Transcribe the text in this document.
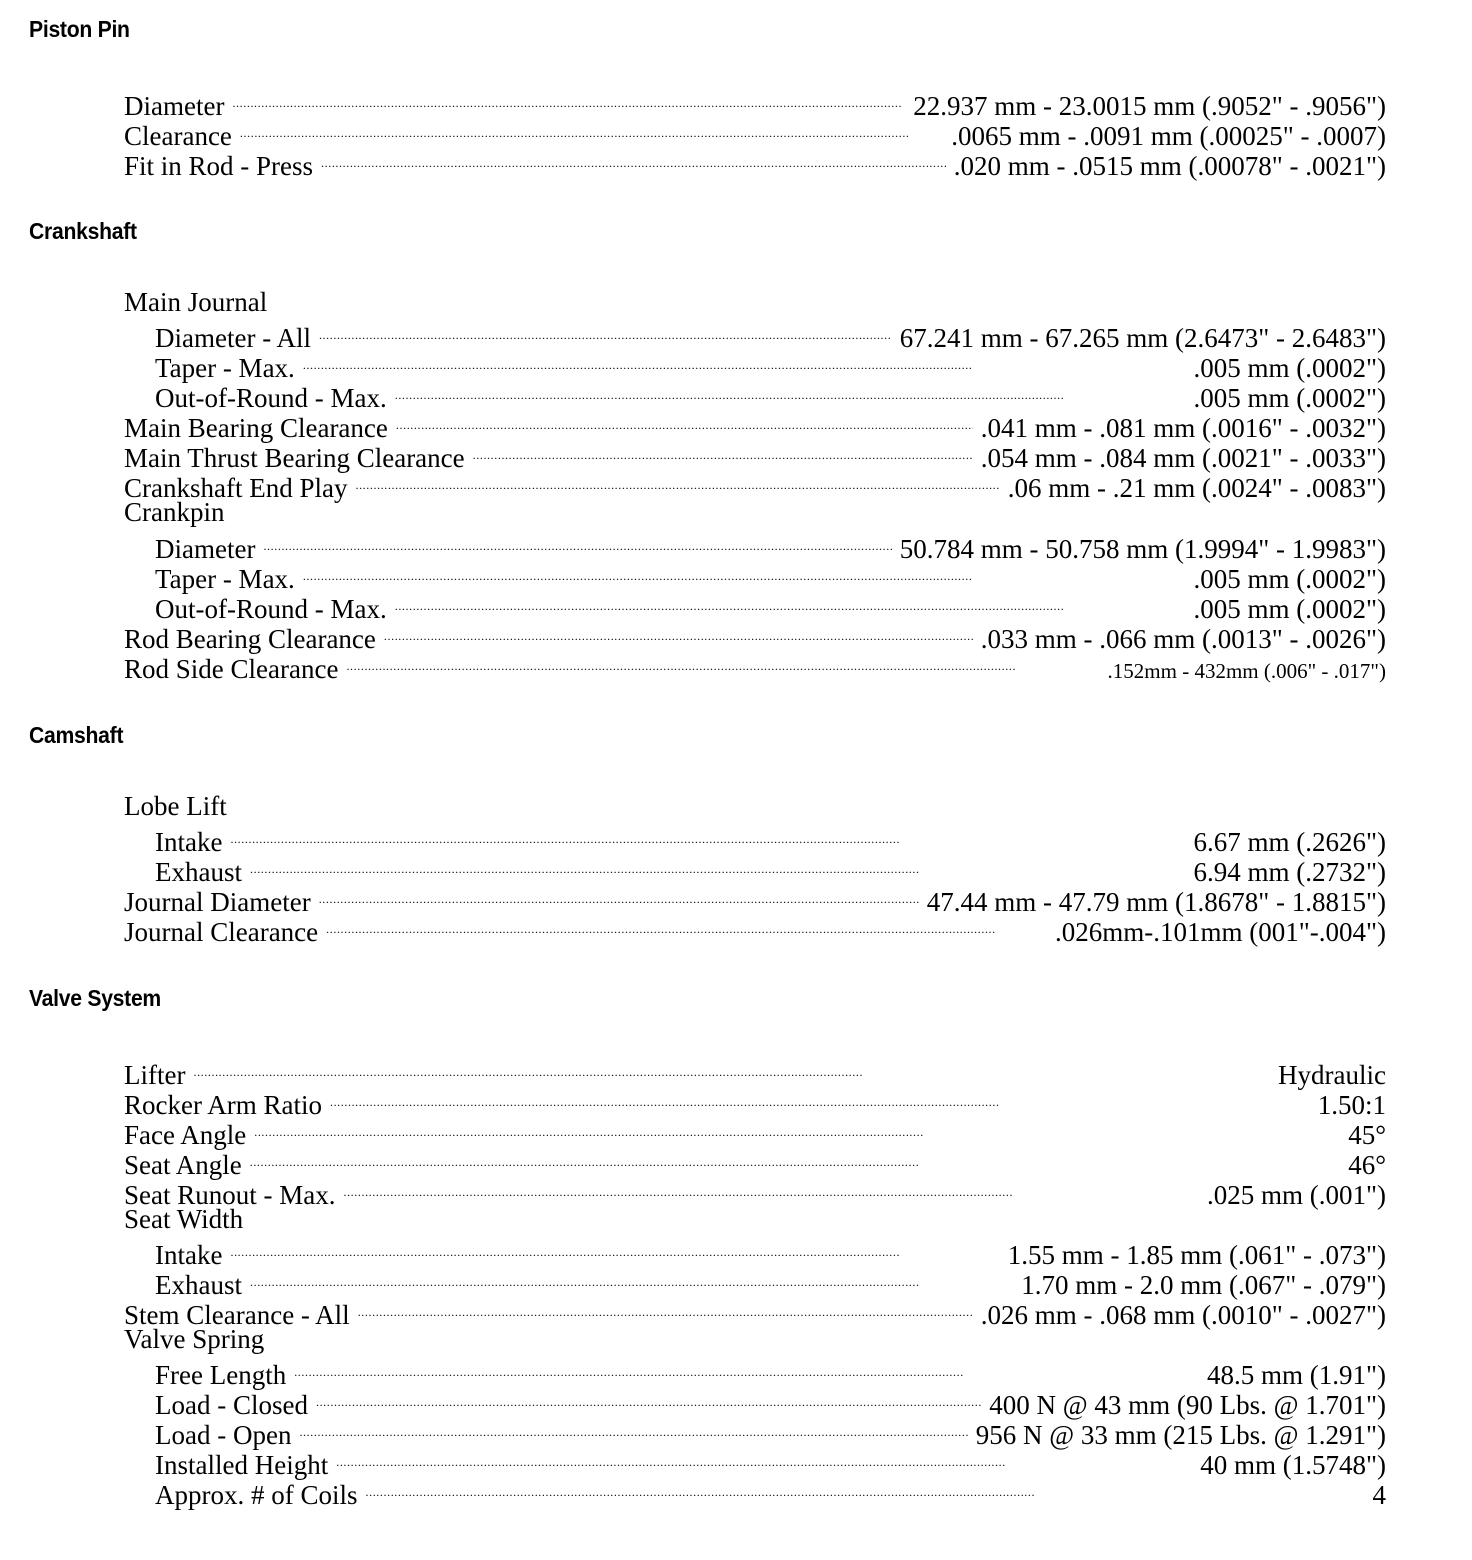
Piston Pin
Diameter . . .	22.937 mm - 23.0015 mm (.9052" - .9056")
Clearance . . .	.0065 mm - .0091 mm (.00025" - .0007)
Fit in Rod - Press . . .	.020 mm - .0515 mm (.00078" - .0021")
Crankshaft
Main Journal
Diameter - All . . .	67.241 mm - 67.265 mm (2.6473" - 2.6483")
Taper - Max. . . .	.005 mm (.0002")
Out-of-Round - Max. . . .	.005 mm (.0002")
Main Bearing Clearance . . .	.041 mm - .081 mm (.0016" - .0032")
Main Thrust Bearing Clearance . . .	.054 mm - .084 mm (.0021" - .0033")
Crankshaft End Play . . .	.06 mm - .21 mm (.0024" - .0083")
Crankpin
Diameter . . .	50.784 mm - 50.758 mm (1.9994" - 1.9983")
Taper - Max. . . .	.005 mm (.0002")
Out-of-Round - Max. . . .	.005 mm (.0002")
Rod Bearing Clearance . . .	.033 mm - .066 mm (.0013" - .0026")
Rod Side Clearance . . .	.152mm - 432mm (.006" - .017")
Camshaft
Lobe Lift
Intake . . .	6.67 mm (.2626")
Exhaust . . .	6.94 mm (.2732")
Journal Diameter . . .	47.44 mm - 47.79 mm (1.8678" - 1.8815")
Journal Clearance . . .	.026mm-.101mm (001"-.004")
Valve System
Lifter . . .	Hydraulic
Rocker Arm Ratio . . .	1.50:1
Face Angle . . .	45°
Seat Angle . . .	46°
Seat Runout - Max. . . .	.025 mm (.001")
Seat Width
Intake . . .	1.55 mm - 1.85 mm (.061" - .073")
Exhaust . . .	1.70 mm - 2.0 mm (.067" - .079")
Stem Clearance - All . . .	.026 mm - .068 mm (.0010" - .0027")
Valve Spring
Free Length . . .	48.5 mm (1.91")
Load - Closed . . .	400 N @ 43 mm (90 Lbs. @ 1.701")
Load - Open . . .	956 N @ 33 mm (215 Lbs. @ 1.291")
Installed Height . . .	40 mm (1.5748")
Approx. # of Coils . . .	4
